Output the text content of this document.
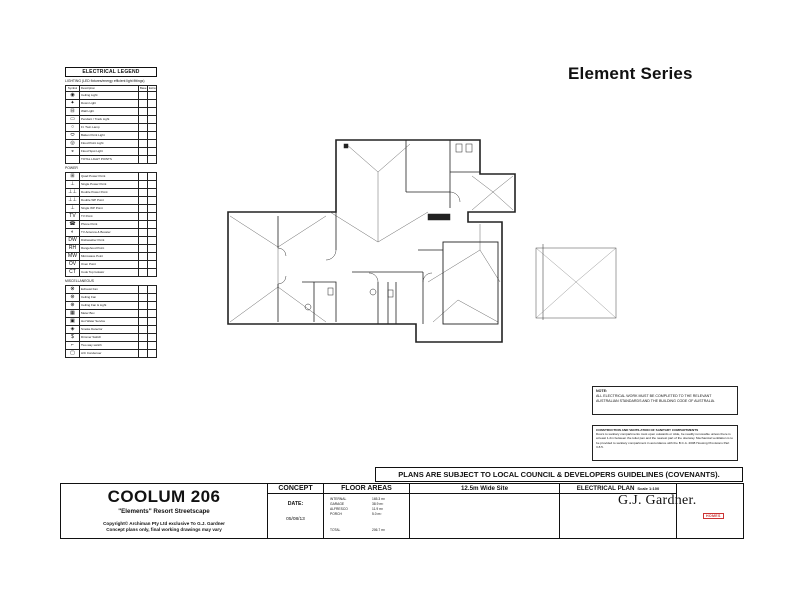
Element Series
ELECTRICAL LEGEND
LIGHTING (LED fixtures/energy efficient light fittings)
Symbol	Description	Base	Extra
◉	Ceiling Light		
✦	Down Light		
⊟	Wall Light		
▭	Pendant / Track Light		
○	Fl. Twin Lamp		
⬭	Batten Point Light		
◎	Flood Point Light		
◒	Flood Spot Light		
	TOTAL LIGHT POINTS		
POWER
⊞	Quad Power Point		
⊥	Single Power Point		
⊥⊥	Double Power Point		
⊥⊥	Double WP Point		
⊥	Single WP Point		
TV	TV Point		
☎	Phone Point		
◐	TV Antenna & Booster		
DW	Dishwasher Point		
RH	Rangehood Point		
MW	Microwave Point		
OV	Oven Point		
CT	Cook Top Isolator		
MISCELLANEOUS
⊗	Exhaust Fan		
⊛	Ceiling Fan		
⊕	Ceiling Fan & Light		
▦	Meter Box		
▣	Hot Water Service		
◈	Smoke Detector		
$	Dimmer Switch		
⌐	Two way switch		
▢	A/C Condenser		
NOTE:
ALL ELECTRICAL WORK MUST BE COMPLETED TO THE RELEVANT AUSTRALIAN STANDARDS AND THE BUILDING CODE OF AUSTRALIA.
CONSTRUCTION AND VENTILATION OF SANITARY COMPARTMENTS
Doors to sanitary compartments must open outwards or slide, be readily removable unless there is at least 1.2m between the toilet pan and the nearest part of the doorway. Mechanical ventilation is to be provided to sanitary compartment in accordance with the B.C.A. 2008 Housing Provisions Part 3.8.5.
PLANS ARE SUBJECT TO LOCAL COUNCIL & DEVELOPERS GUIDELINES (COVENANTS).
COOLUM 206
"Elements" Resort Streetscape
Copyright© Archiman Pty Ltd exclusive To G.J. Gardner
Concept plans only, final working drawings may vary
CONCEPT
DATE:
05/08/13
FLOOR AREAS
INTERNAL	165.3 m²
GARAGE	38.9 m²
ALFRESCO	11.9 m²
PORCH	5.0 m²
TOTAL	206.7 m²
12.5m Wide Site	ELECTRICAL PLAN Scale 1:100
G.J. Gardner.
HOMES
